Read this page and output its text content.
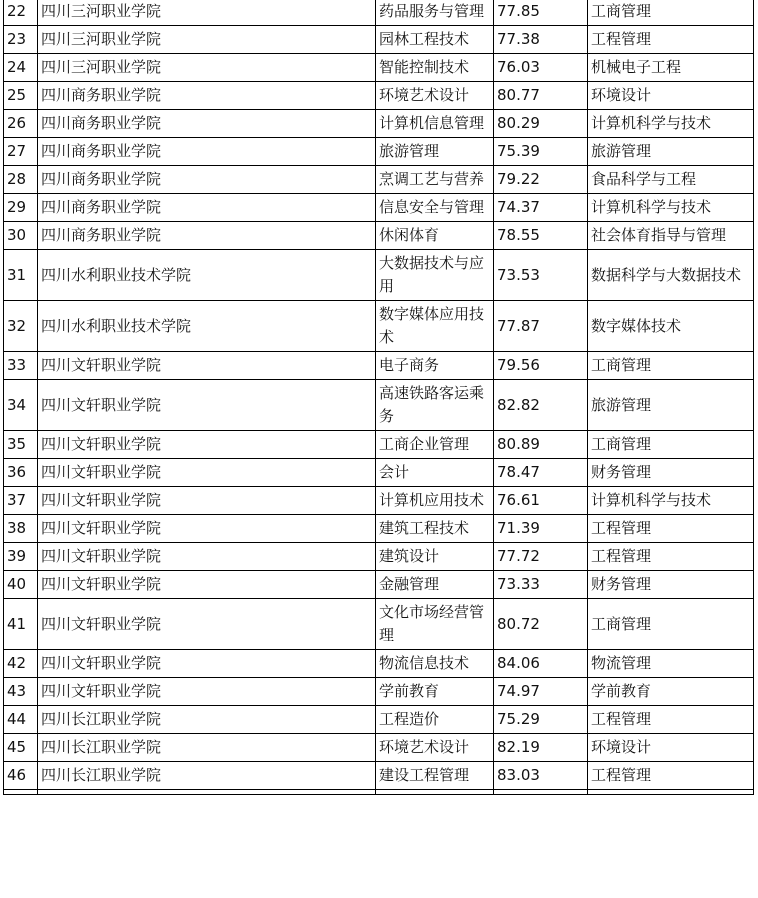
22	四川三河职业学院	药品服务与管理	77.85	工商管理
23	四川三河职业学院	园林工程技术	77.38	工程管理
24	四川三河职业学院	智能控制技术	76.03	机械电子工程
25	四川商务职业学院	环境艺术设计	80.77	环境设计
26	四川商务职业学院	计算机信息管理	80.29	计算机科学与技术
27	四川商务职业学院	旅游管理	75.39	旅游管理
28	四川商务职业学院	烹调工艺与营养	79.22	食品科学与工程
29	四川商务职业学院	信息安全与管理	74.37	计算机科学与技术
30	四川商务职业学院	休闲体育	78.55	社会体育指导与管理
31	四川水利职业技术学院	大数据技术与应用	73.53	数据科学与大数据技术
32	四川水利职业技术学院	数字媒体应用技术	77.87	数字媒体技术
33	四川文轩职业学院	电子商务	79.56	工商管理
34	四川文轩职业学院	高速铁路客运乘务	82.82	旅游管理
35	四川文轩职业学院	工商企业管理	80.89	工商管理
36	四川文轩职业学院	会计	78.47	财务管理
37	四川文轩职业学院	计算机应用技术	76.61	计算机科学与技术
38	四川文轩职业学院	建筑工程技术	71.39	工程管理
39	四川文轩职业学院	建筑设计	77.72	工程管理
40	四川文轩职业学院	金融管理	73.33	财务管理
41	四川文轩职业学院	文化市场经营管理	80.72	工商管理
42	四川文轩职业学院	物流信息技术	84.06	物流管理
43	四川文轩职业学院	学前教育	74.97	学前教育
44	四川长江职业学院	工程造价	75.29	工程管理
45	四川长江职业学院	环境艺术设计	82.19	环境设计
46	四川长江职业学院	建设工程管理	83.03	工程管理
